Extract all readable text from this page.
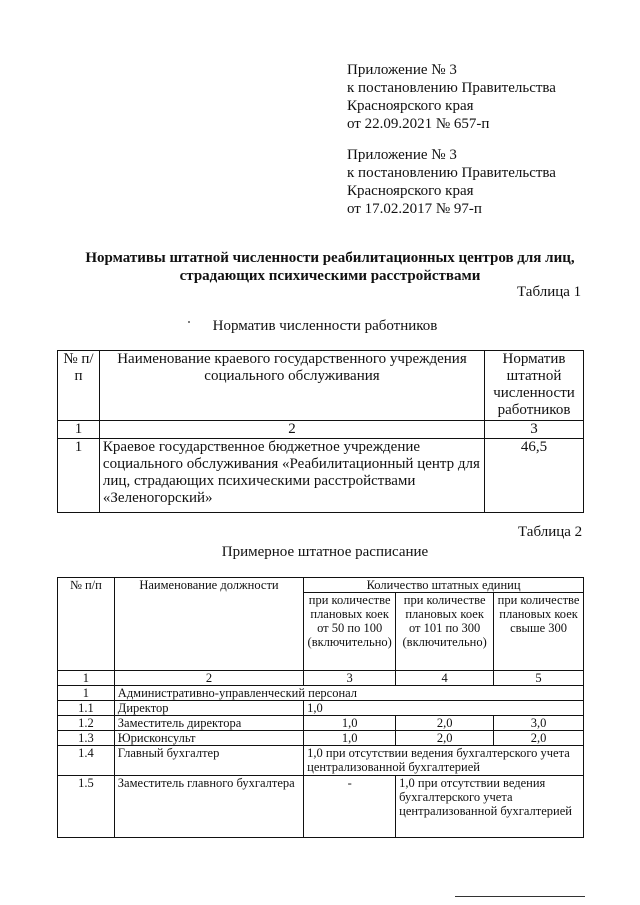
Приложение № 3
к постановлению Правительства
Красноярского края
от 22.09.2021 № 657-п
Приложение № 3
к постановлению Правительства
Красноярского края
от 17.02.2017 № 97-п
Нормативы штатной численности реабилитационных центров для лиц,
страдающих психическими расстройствами
Таблица 1
Норматив численности работников
№ п/п	Наименование краевого государственного учреждения социального обслуживания	Норматив штатной численности работников
1	2	3
1	Краевое государственное бюджетное учреждение социального обслуживания «Реабилитационный центр для лиц, страдающих психическими расстройствами «Зеленогорский»	46,5
Таблица 2
Примерное штатное расписание
№ п/п	Наименование должности	Количество штатных единиц		
		при количестве плановых коек от 50 по 100 (включительно)	при количестве плановых коек от 101 по 300 (включительно)	при количестве плановых коек свыше 300
1	2	3	4	5
1	Административно-управленческий персонал			
1.1	Директор	1,0		
1.2	Заместитель директора	1,0	2,0	3,0
1.3	Юрисконсульт	1,0	2,0	2,0
1.4	Главный бухгалтер	1,0 при отсутствии ведения бухгалтерского учета централизованной бухгалтерией		
1.5	Заместитель главного бухгалтера	-	1,0 при отсутствии ведения бухгалтерского учета централизованной бухгалтерией	
